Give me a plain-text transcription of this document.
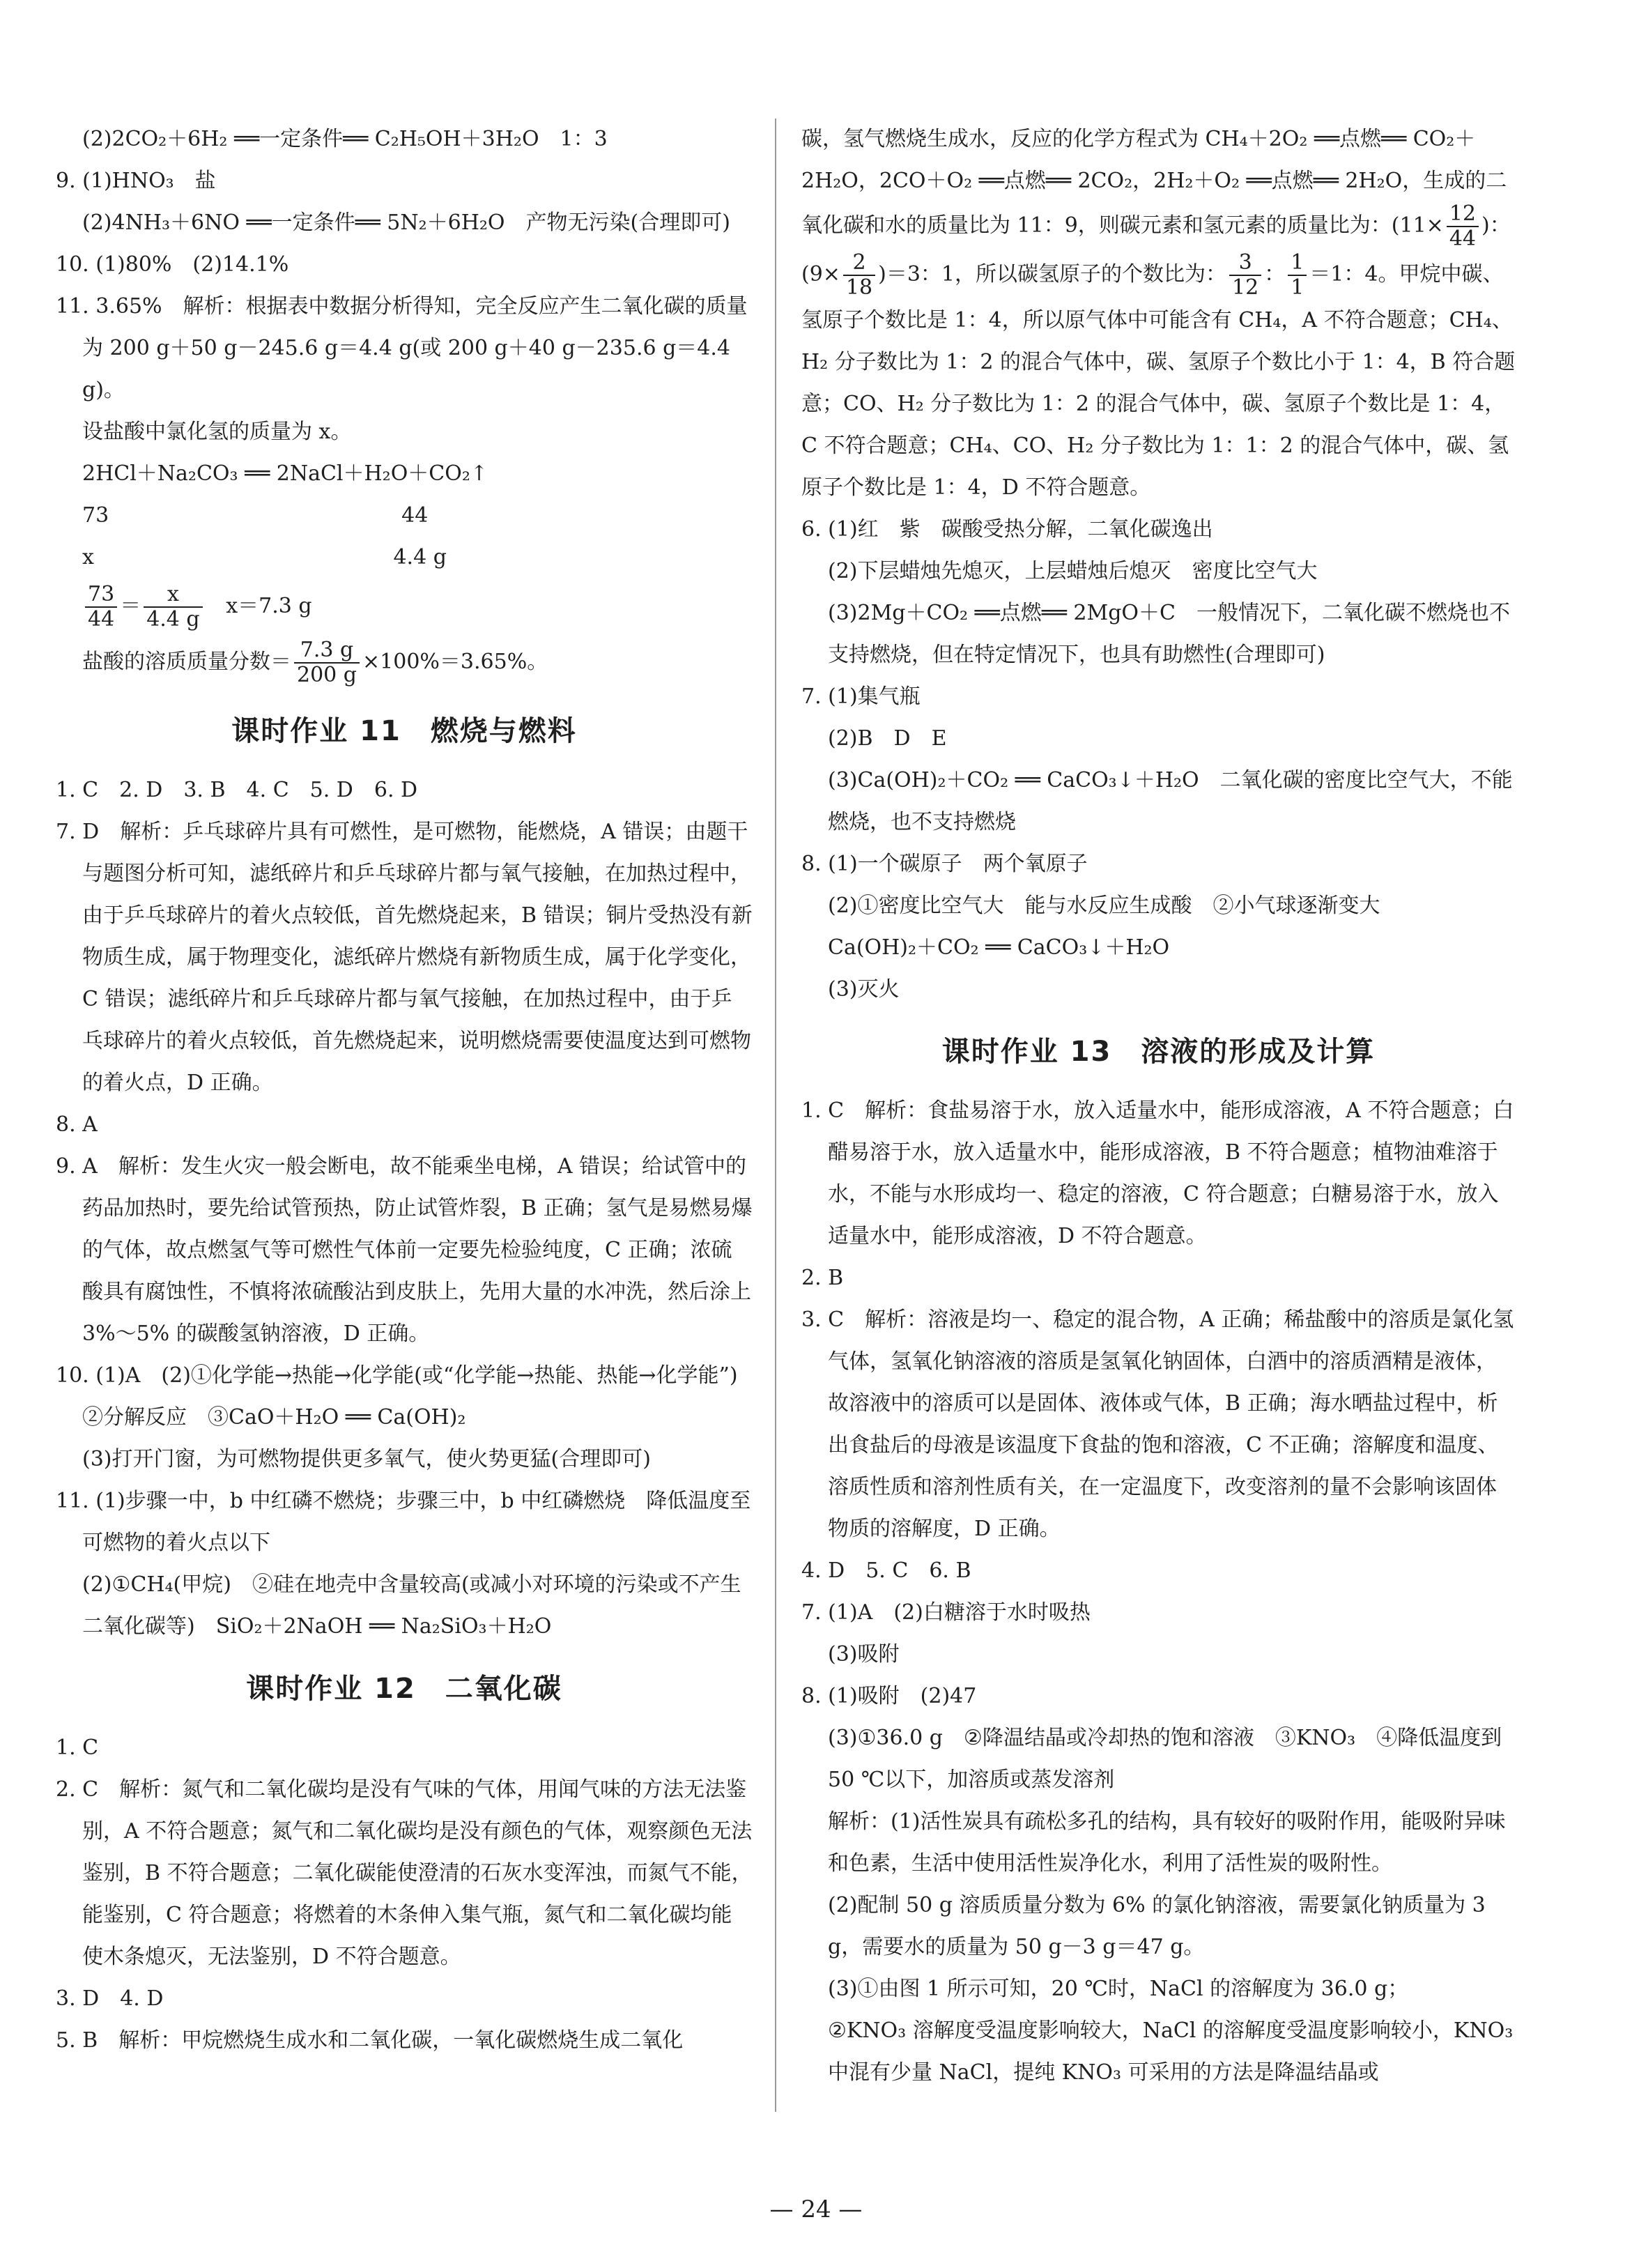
(2)2CO₂＋6H₂ ══一定条件══ C₂H₅OH＋3H₂O　1：3

9. (1)HNO₃　盐

(2)4NH₃＋6NO ══一定条件══ 5N₂＋6H₂O　产物无污染(合理即可)

10. (1)80%　(2)14.1%

11. 3.65%　解析：根据表中数据分析得知，完全反应产生二氧化碳的质量为 200 g＋50 g－245.6 g＝4.4 g(或 200 g＋40 g－235.6 g＝4.4 g)。

设盐酸中氯化氢的质量为 x。

2HCl＋Na₂CO₃ ══ 2NaCl＋H₂O＋CO₂↑

73　　　　　　　　　　　　　　44

x　　　　　　　　　　　　　　 4.4 g

$\frac{73}{44} = \frac{x}{4.4 g} x=7.3$ g

盐酸的溶质质量分数＝ $\frac{7.3 g}{200 g} \times 100\%=3.65\%$。

课时作业 11　燃烧与燃料

1. C　2. D　3. B　4. C　5. D　6. D

7. D　解析：乒乓球碎片具有可燃性，是可燃物，能燃烧，A 错误；由题干与题图分析可知，滤纸碎片和乒乓球碎片都与氧气接触，在加热过程中，由于乒乓球碎片的着火点较低，首先燃烧起来，B 错误；铜片受热没有新物质生成，属于物理变化，滤纸碎片燃烧有新物质生成，属于化学变化，C 错误；滤纸碎片和乒乓球碎片都与氧气接触，在加热过程中，由于乒乓球碎片的着火点较低，首先燃烧起来，说明燃烧需要使温度达到可燃物的着火点，D 正确。

8. A

9. A　解析：发生火灾一般会断电，故不能乘坐电梯，A 错误；给试管中的药品加热时，要先给试管预热，防止试管炸裂，B 正确；氢气是易燃易爆的气体，故点燃氢气等可燃性气体前一定要先检验纯度，C 正确；浓硫酸具有腐蚀性，不慎将浓硫酸沾到皮肤上，先用大量的水冲洗，然后涂上 3%～5% 的碳酸氢钠溶液，D 正确。

10. (1)A　(2)①化学能→热能→化学能(或“化学能→热能、热能→化学能”)　②分解反应　③CaO＋H₂O ══ Ca(OH)₂

(3)打开门窗，为可燃物提供更多氧气，使火势更猛(合理即可)

11. (1)步骤一中，b 中红磷不燃烧；步骤三中，b 中红磷燃烧　降低温度至可燃物的着火点以下

(2)①CH₄(甲烷)　②硅在地壳中含量较高(或减小对环境的污染或不产生二氧化碳等)　SiO₂＋2NaOH ══ Na₂SiO₃＋H₂O

课时作业 12　二氧化碳

1. C

2. C　解析：氮气和二氧化碳均是没有气味的气体，用闻气味的方法无法鉴别，A 不符合题意；氮气和二氧化碳均是没有颜色的气体，观察颜色无法鉴别，B 不符合题意；二氧化碳能使澄清的石灰水变浑浊，而氮气不能，能鉴别，C 符合题意；将燃着的木条伸入集气瓶，氮气和二氧化碳均能使木条熄灭，无法鉴别，D 不符合题意。

3. D　4. D

5. B　解析：甲烷燃烧生成水和二氧化碳，一氧化碳燃烧生成二氧化

碳，氢气燃烧生成水，反应的化学方程式为 CH₄＋2O₂ ══点燃══ CO₂＋2H₂O，2CO＋O₂ ══点燃══ 2CO₂，2H₂＋O₂ ══点燃══ 2H₂O，生成的二氧化碳和水的质量比为 11：9，则碳元素和氢元素的质量比为：($11\times \frac{12}{44}$ )：$(9\times \frac{2}{18} )=3$：1，所以碳氢原子的个数比为： $\frac{3}{12}$ ： $\frac{1}{1} =1$：4。甲烷中碳、氢原子个数比是 1：4，所以原气体中可能含有 CH₄，A 不符合题意；CH₄、H₂ 分子数比为 1：2 的混合气体中，碳、氢原子个数比小于 1：4，B 符合题意；CO、H₂ 分子数比为 1：2 的混合气体中，碳、氢原子个数比是 1：4，C 不符合题意；CH₄、CO、H₂ 分子数比为 1：1：2 的混合气体中，碳、氢原子个数比是 1：4，D 不符合题意。

6. (1)红　紫　碳酸受热分解，二氧化碳逸出

(2)下层蜡烛先熄灭，上层蜡烛后熄灭　密度比空气大

(3)2Mg＋CO₂ ══点燃══ 2MgO＋C　一般情况下，二氧化碳不燃烧也不支持燃烧，但在特定情况下，也具有助燃性(合理即可)

7. (1)集气瓶

(2)B　D　E

(3)Ca(OH)₂＋CO₂ ══ CaCO₃↓＋H₂O　二氧化碳的密度比空气大，不能燃烧，也不支持燃烧

8. (1)一个碳原子　两个氧原子

(2)①密度比空气大　能与水反应生成酸　②小气球逐渐变大

Ca(OH)₂＋CO₂ ══ CaCO₃↓＋H₂O

(3)灭火

课时作业 13　溶液的形成及计算

1. C　解析：食盐易溶于水，放入适量水中，能形成溶液，A 不符合题意；白醋易溶于水，放入适量水中，能形成溶液，B 不符合题意；植物油难溶于水，不能与水形成均一、稳定的溶液，C 符合题意；白糖易溶于水，放入适量水中，能形成溶液，D 不符合题意。

2. B

3. C　解析：溶液是均一、稳定的混合物，A 正确；稀盐酸中的溶质是氯化氢气体，氢氧化钠溶液的溶质是氢氧化钠固体，白酒中的溶质酒精是液体，故溶液中的溶质可以是固体、液体或气体，B 正确；海水晒盐过程中，析出食盐后的母液是该温度下食盐的饱和溶液，C 不正确；溶解度和温度、溶质性质和溶剂性质有关，在一定温度下，改变溶剂的量不会影响该固体物质的溶解度，D 正确。

4. D　5. C　6. B

7. (1)A　(2)白糖溶于水时吸热

(3)吸附

8. (1)吸附　(2)47

(3)①36.0 g　②降温结晶或冷却热的饱和溶液　③KNO₃　④降低温度到 50 ℃以下，加溶质或蒸发溶剂

解析：(1)活性炭具有疏松多孔的结构，具有较好的吸附作用，能吸附异味和色素，生活中使用活性炭净化水，利用了活性炭的吸附性。

(2)配制 50 g 溶质质量分数为 6% 的氯化钠溶液，需要氯化钠质量为 3 g，需要水的质量为 50 g－3 g＝47 g。

(3)①由图 1 所示可知，20 ℃时，NaCl 的溶解度为 36.0 g；

②KNO₃ 溶解度受温度影响较大，NaCl 的溶解度受温度影响较小，KNO₃ 中混有少量 NaCl，提纯 KNO₃ 可采用的方法是降温结晶或

— 24 —
